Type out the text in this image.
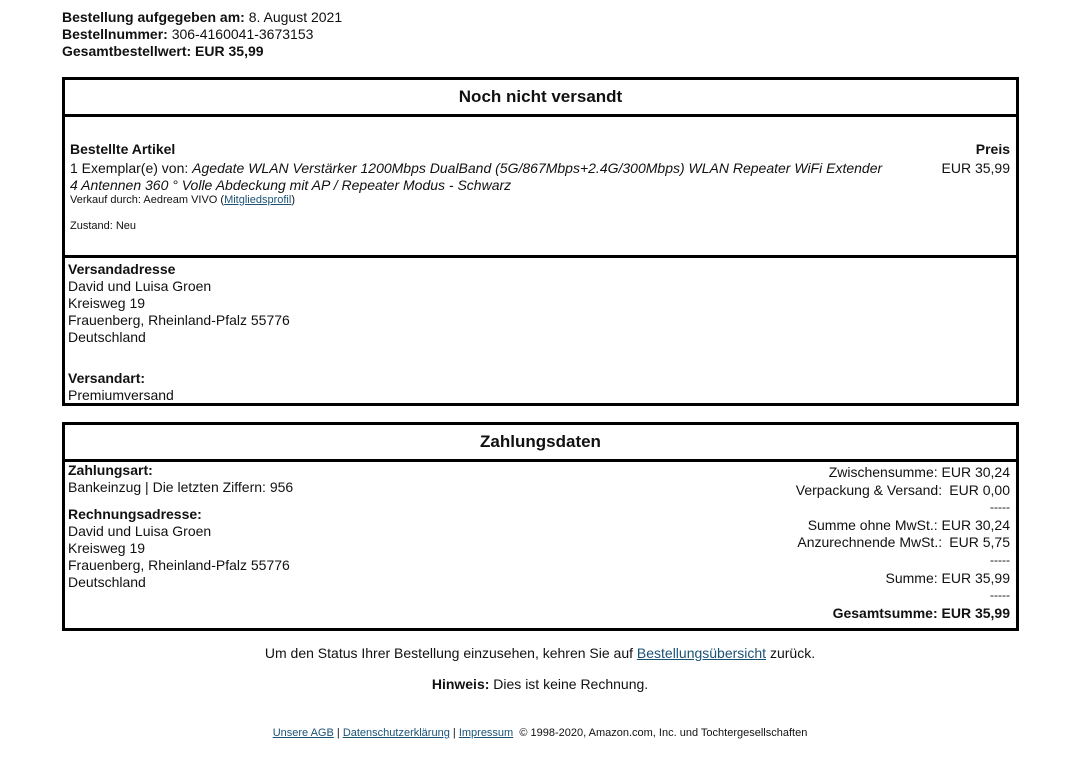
Bestellung aufgegeben am: 8. August 2021
Bestellnummer: 306-4160041-3673153
Gesamtbestellwert: EUR 35,99
Noch nicht versandt
Bestellte Artikel	Preis
1 Exemplar(e) von: Agedate WLAN Verstärker 1200Mbps DualBand (5G/867Mbps+2.4G/300Mbps) WLAN Repeater WiFi Extender 4 Antennen 360 ° Volle Abdeckung mit AP / Repeater Modus - Schwarz
EUR 35,99
Verkauf durch: Aedream VIVO (Mitgliedsprofil)
Zustand: Neu
Versandadresse
David und Luisa Groen
Kreisweg 19
Frauenberg, Rheinland-Pfalz 55776
Deutschland
Versandart:
Premiumversand
Zahlungsdaten
Zahlungsart:
Bankeinzug | Die letzten Ziffern: 956
Rechnungsadresse:
David und Luisa Groen
Kreisweg 19
Frauenberg, Rheinland-Pfalz 55776
Deutschland
Zwischensumme: EUR 30,24
Verpackung & Versand: EUR 0,00
-----
Summe ohne MwSt.: EUR 30,24
Anzurechnende MwSt.: EUR 5,75
-----
Summe: EUR 35,99
-----
Gesamtsumme: EUR 35,99
Um den Status Ihrer Bestellung einzusehen, kehren Sie auf Bestellungsübersicht zurück.
Hinweis: Dies ist keine Rechnung.
Unsere AGB | Datenschutzerklärung | Impressum © 1998-2020, Amazon.com, Inc. und Tochtergesellschaften
